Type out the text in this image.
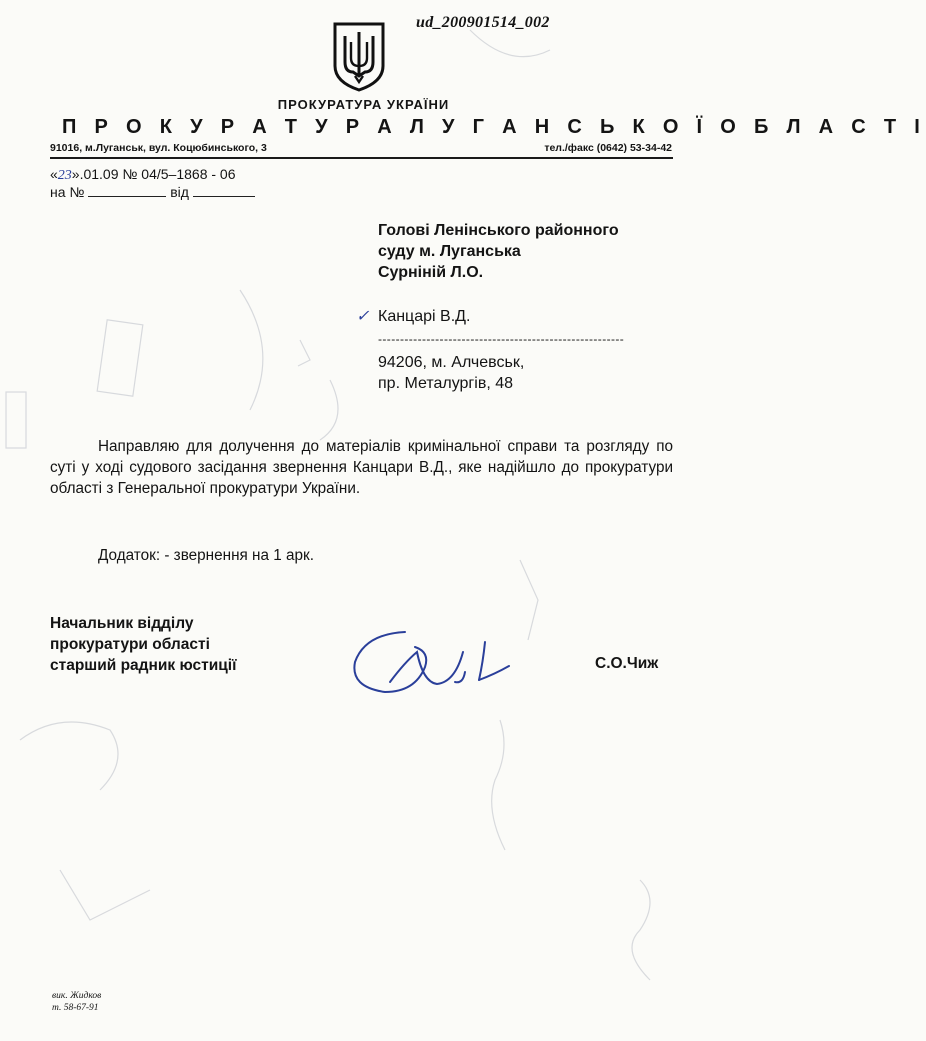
ud_200901514_002
ПРОКУРАТУРА УКРАЇНИ
П Р О К У Р А Т У Р А Л У Г А Н С Ь К О Ї О Б Л А С Т І
91016, м.Луганськ, вул. Коцюбинського, 3	тел./факс (0642) 53-34-42
«23».01.09 № 04/5–1868 - 06
на №	від
Голові Ленінського районного
суду м. Луганська
Сурніній Л.О.
✓ Канцарі В.Д.
--------------------------------------------------------
94206, м. Алчевськ,
пр. Металургів, 48
Направляю для долучення до матеріалів кримінальної справи та розгляду по суті у ході судового засідання звернення Канцари В.Д., яке надійшло до прокуратури області з Генеральної прокуратури України.
Додаток: - звернення на 1 арк.
Начальник відділу
прокуратури області
старший радник юстиції	С.О.Чиж
вик. Жидков
т. 58-67-91
